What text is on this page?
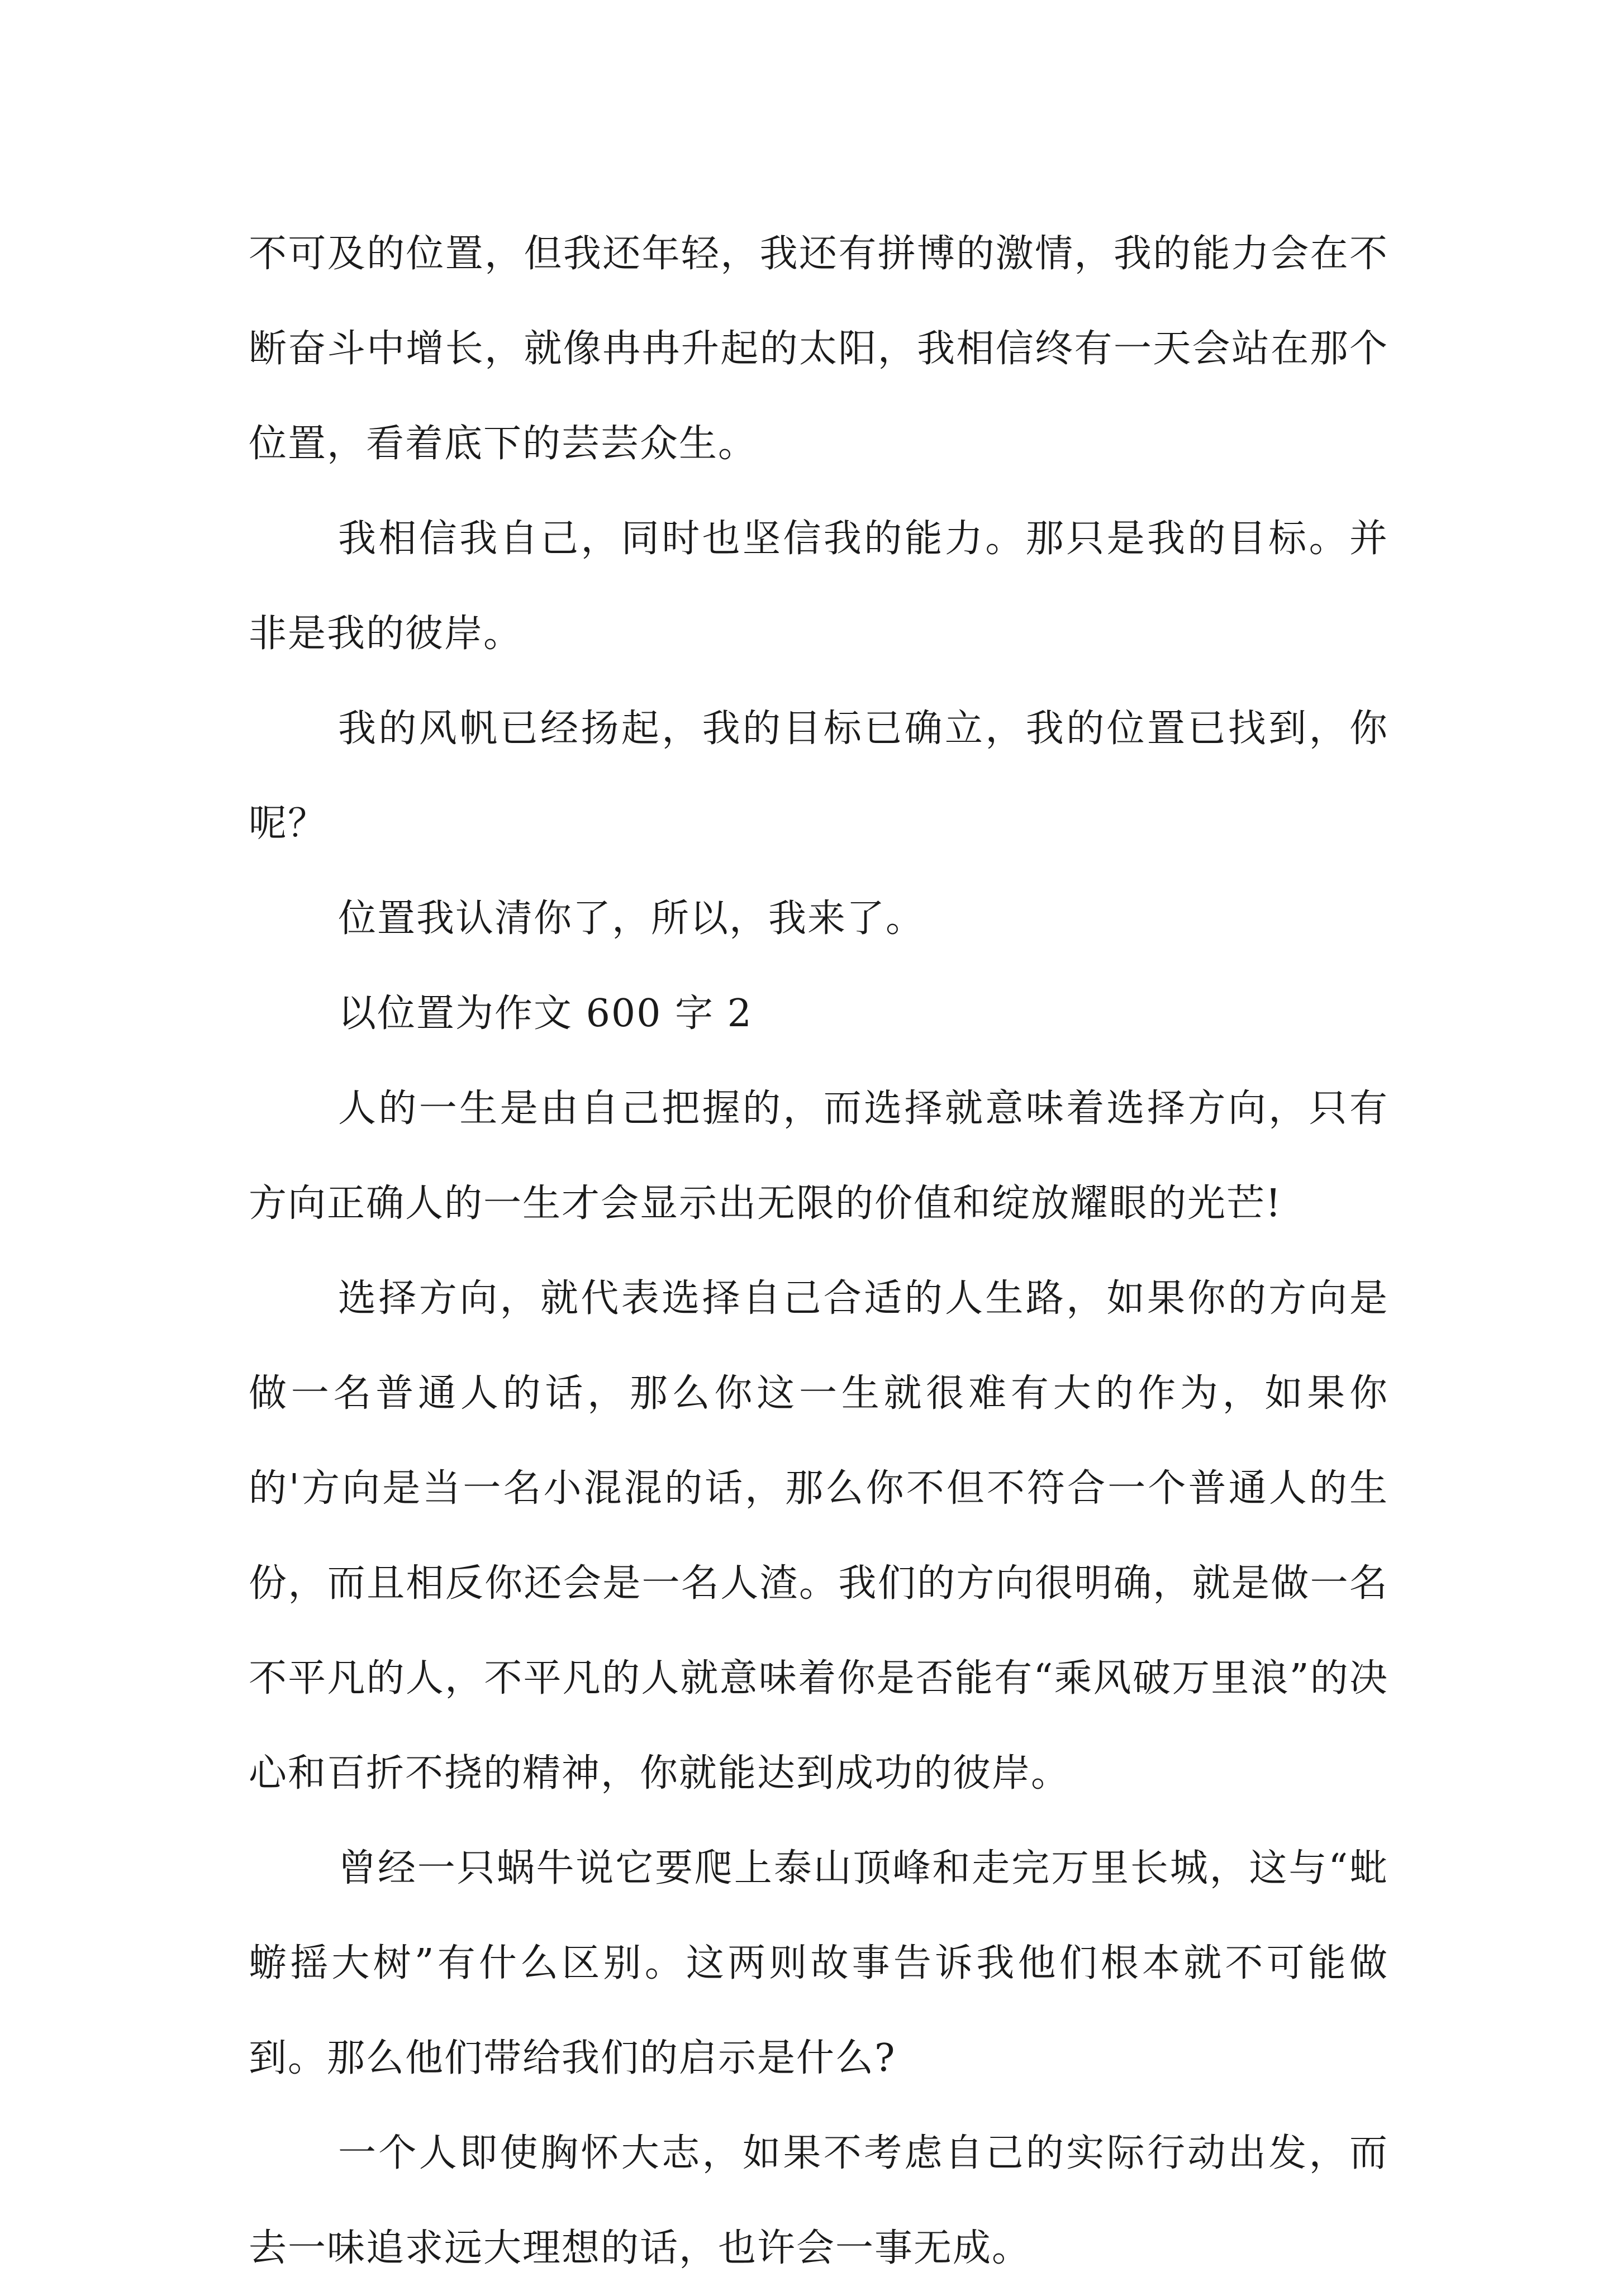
不可及的位置，但我还年轻，我还有拼博的激情，我的能力会在不断奋斗中增长，就像冉冉升起的太阳，我相信终有一天会站在那个位置，看着底下的芸芸众生。

我相信我自己，同时也坚信我的能力。那只是我的目标。并非是我的彼岸。

我的风帆已经扬起，我的目标已确立，我的位置已找到，你呢？

位置我认清你了，所以，我来了。

以位置为作文 600 字 2

人的一生是由自己把握的，而选择就意味着选择方向，只有方向正确人的一生才会显示出无限的价值和绽放耀眼的光芒!

选择方向，就代表选择自己合适的人生路，如果你的方向是做一名普通人的话，那么你这一生就很难有大的作为，如果你的'方向是当一名小混混的话，那么你不但不符合一个普通人的生份，而且相反你还会是一名人渣。我们的方向很明确，就是做一名不平凡的人，不平凡的人就意味着你是否能有“乘风破万里浪”的决心和百折不挠的精神，你就能达到成功的彼岸。

曾经一只蜗牛说它要爬上泰山顶峰和走完万里长城，这与“蚍蝣摇大树”有什么区别。这两则故事告诉我他们根本就不可能做到。那么他们带给我们的启示是什么?

一个人即使胸怀大志，如果不考虑自己的实际行动出发，而去一味追求远大理想的话，也许会一事无成。
